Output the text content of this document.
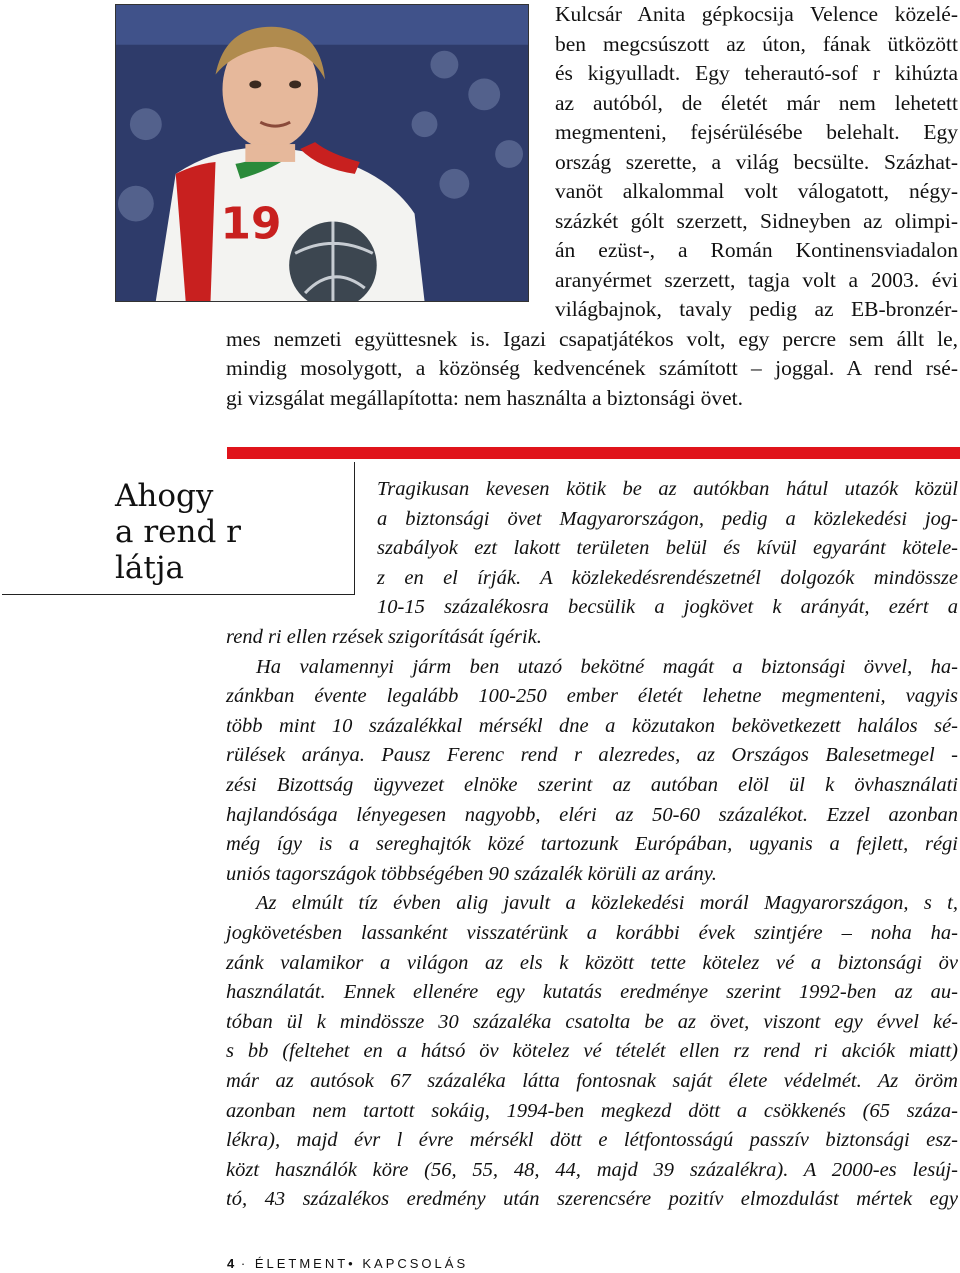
19
Kulcsár Anita gépkocsija Velence közelé-
ben megcsúszott az úton, fának ütközött
és kigyulladt. Egy teherautó-sof r kihúzta
az autóból, de életét már nem lehetett
megmenteni, fejsérülésébe belehalt. Egy
ország szerette, a világ becsülte. Százhat-
vanöt alkalommal volt válogatott, négy-
százkét gólt szerzett, Sidneyben az olimpi-
án ezüst-, a Román Kontinensviadalon
aranyérmet szerzett, tagja volt a 2003. évi
világbajnok, tavaly pedig az EB-bronzér-
mes nemzeti együttesnek is. Igazi csapatjátékos volt, egy percre sem állt le,
mindig mosolygott, a közönség kedvencének számított – joggal. A rend rsé-
gi vizsgálat megállapította: nem használta a biztonsági övet.
Ahogy
a rend r
látja
Tragikusan kevesen kötik be az autókban hátul utazók közül
a biztonsági övet Magyarországon, pedig a közlekedési jog-
szabályok ezt lakott területen belül és kívül egyaránt kötele-
z en el írják. A közlekedésrendészetnél dolgozók mindössze
10-15 százalékosra becsülik a jogkövet k arányát, ezért a
rend ri ellen rzések szigorítását ígérik.
Ha valamennyi járm ben utazó bekötné magát a biztonsági övvel, ha-
zánkban évente legalább 100-250 ember életét lehetne megmenteni, vagyis
több mint 10 százalékkal mérsékl dne a közutakon bekövetkezett halálos sé-
rülések aránya. Pausz Ferenc rend r alezredes, az Országos Balesetmegel -
zési Bizottság ügyvezet elnöke szerint az autóban elöl ül k övhasználati
hajlandósága lényegesen nagyobb, eléri az 50-60 százalékot. Ezzel azonban
még így is a sereghajtók közé tartozunk Európában, ugyanis a fejlett, régi
uniós tagországok többségében 90 százalék körüli az arány.
Az elmúlt tíz évben alig javult a közlekedési morál Magyarországon, s t,
jogkövetésben lassanként visszatérünk a korábbi évek szintjére – noha ha-
zánk valamikor a világon az els k között tette kötelez vé a biztonsági öv
használatát. Ennek ellenére egy kutatás eredménye szerint 1992-ben az au-
tóban ül k mindössze 30 százaléka csatolta be az övet, viszont egy évvel ké-
s bb (feltehet en a hátsó öv kötelez vé tételét ellen rz rend ri akciók miatt)
már az autósok 67 százaléka látta fontosnak saját élete védelmét. Az öröm
azonban nem tartott sokáig, 1994-ben megkezd dött a csökkenés (65 száza-
lékra), majd évr l évre mérsékl dött e létfontosságú passzív biztonsági esz-
közt használók köre (56, 55, 48, 44, majd 39 százalékra). A 2000-es lesúj-
tó, 43 százalékos eredmény után szerencsére pozitív elmozdulást mértek egy
4 · ÉLETMENT• KAPCSOLÁS
